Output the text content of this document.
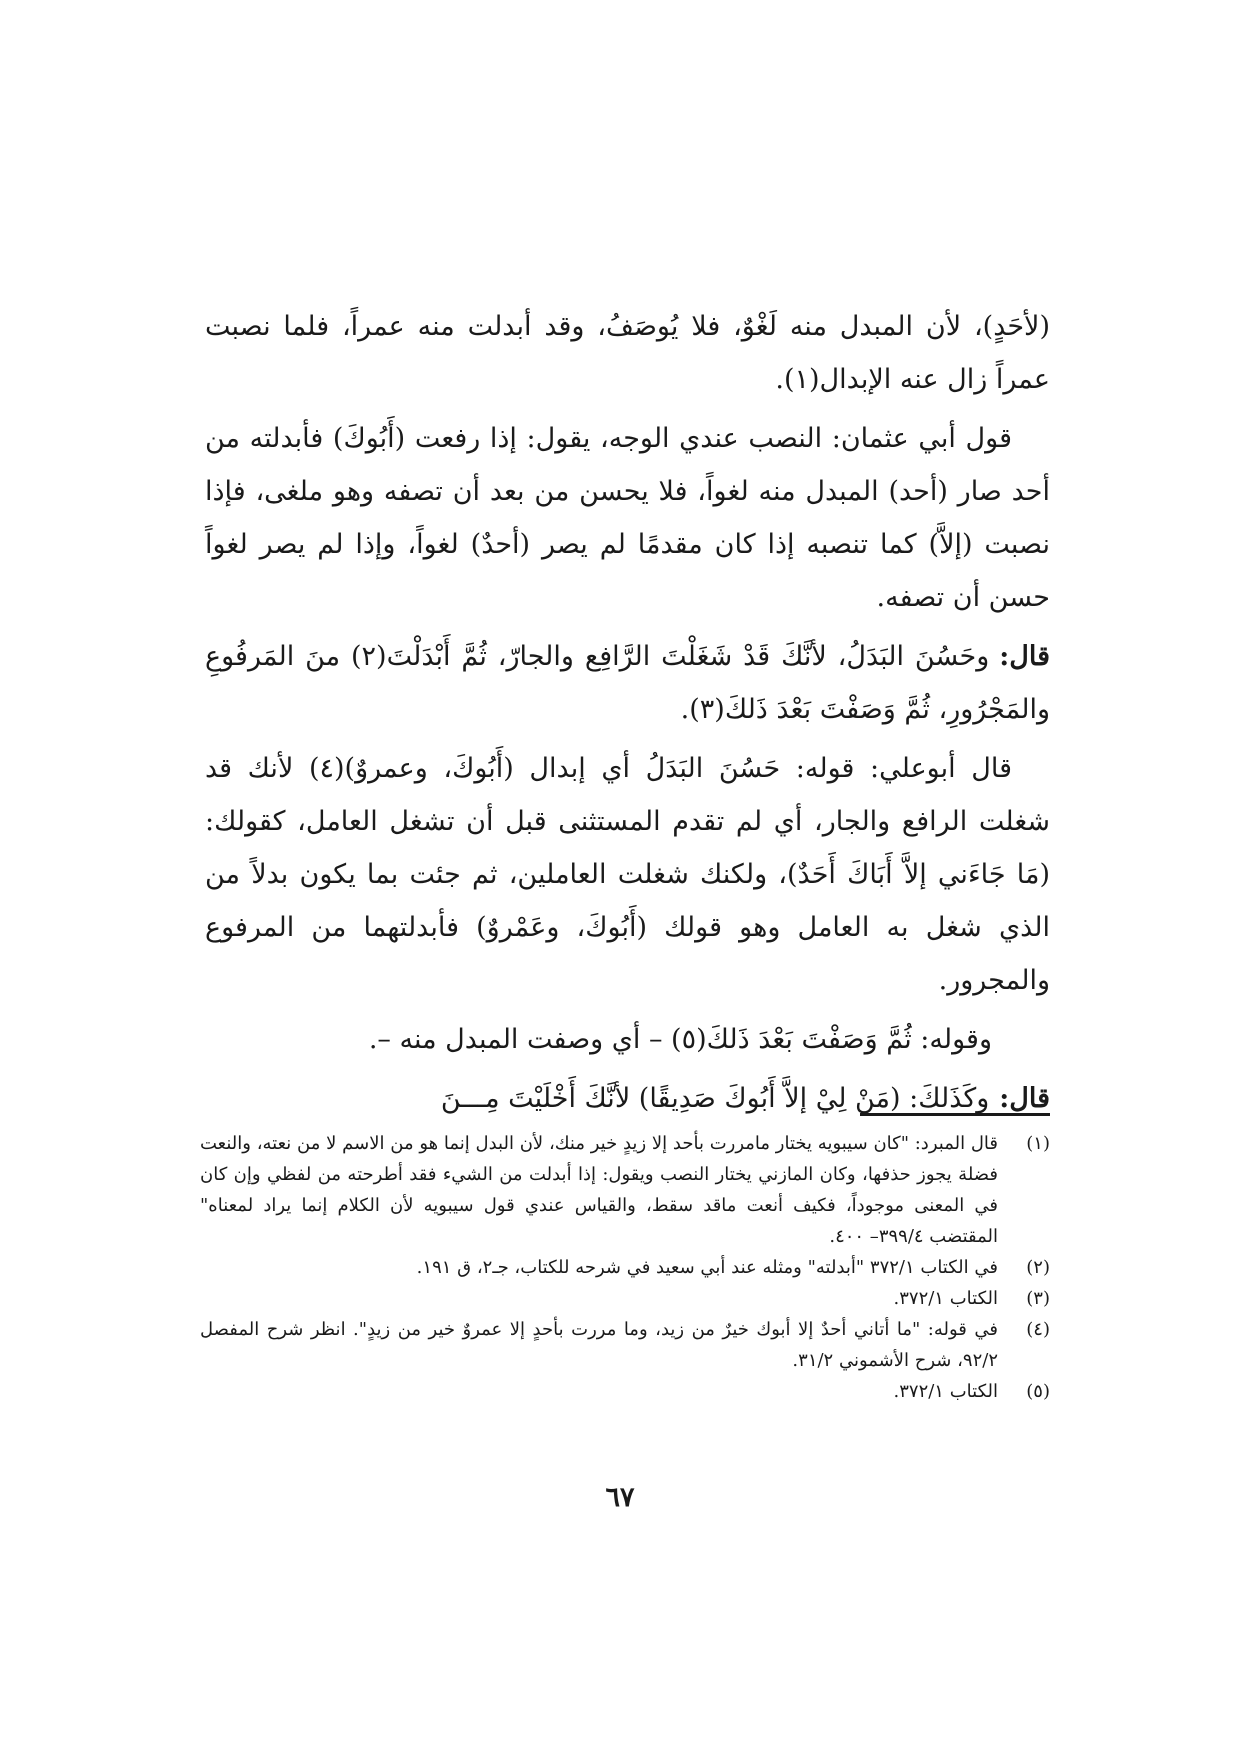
(لأحَدٍ)، لأن المبدل منه لَغْوٌ، فلا يُوصَفُ، وقد أبدلت منه عمراً، فلما نصبت عمراً زال عنه الإبدال(١).

قول أبي عثمان: النصب عندي الوجه، يقول: إذا رفعت (أَبُوكَ) فأبدلته من أحد صار (أحد) المبدل منه لغواً، فلا يحسن من بعد أن تصفه وهو ملغى، فإذا نصبت (إلاَّ) كما تنصبه إذا كان مقدمًا لم يصر (أحدٌ) لغواً، وإذا لم يصر لغواً حسن أن تصفه.

قال:وحَسُنَ البَدَلُ، لأنَّكَ قَدْ شَغَلْتَ الرَّافِع والجارّ، ثُمَّ أَبْدَلْتَ(٢) منَ المَرفُوعِ والمَجْرُورِ، ثُمَّ وَصَفْتَ بَعْدَ ذَلكَ(٣).

قال أبوعلي: قوله: حَسُنَ البَدَلُ أي إبدال (أَبُوكَ، وعمروٌ)(٤) لأنك قد شغلت الرافع والجار، أي لم تقدم المستثنى قبل أن تشغل العامل، كقولك: (مَا جَاءَني إلاَّ أَبَاكَ أَحَدٌ)، ولكنك شغلت العاملين، ثم جئت بما يكون بدلاً من الذي شغل به العامل وهو قولك (أَبُوكَ، وعَمْروٌ) فأبدلتهما من المرفوع والمجرور.

وقوله: ثُمَّ وَصَفْتَ بَعْدَ ذَلكَ(٥) – أي وصفت المبدل منه –.

قال:وكَذَلكَ: (مَنْ لِيْ إلاَّ أَبُوكَ صَدِيقًا) لأنَّكَ أَخْلَيْتَ مِـــنَ

(١)
قال المبرد: "كان سيبويه يختار مامررت بأحد إلا زيدٍ خير منك، لأن البدل إنما هو من الاسم لا من نعته، والنعت فضلة يجوز حذفها، وكان المازني يختار النصب ويقول: إذا أبدلت من الشيء فقد أطرحته من لفظي وإن كان في المعنى موجوداً، فكيف أنعت ماقد سقط، والقياس عندي قول سيبويه لأن الكلام إنما يراد لمعناه" المقتضب ٣٩٩/٤– ٤٠٠.
(٢)
في الكتاب ٣٧٢/١ "أبدلته" ومثله عند أبي سعيد في شرحه للكتاب، جـ٢، ق ١٩١.
(٣)
الكتاب ٣٧٢/١.
(٤)
في قوله: "ما أتاني أحدٌ إلا أبوك خيرٌ من زيد، وما مررت بأحدٍ إلا عمروٌ خير من زيدٍ". انظر شرح المفصل ٩٢/٢، شرح الأشموني ٣١/٢.
(٥)
الكتاب ٣٧٢/١.
٦٧
